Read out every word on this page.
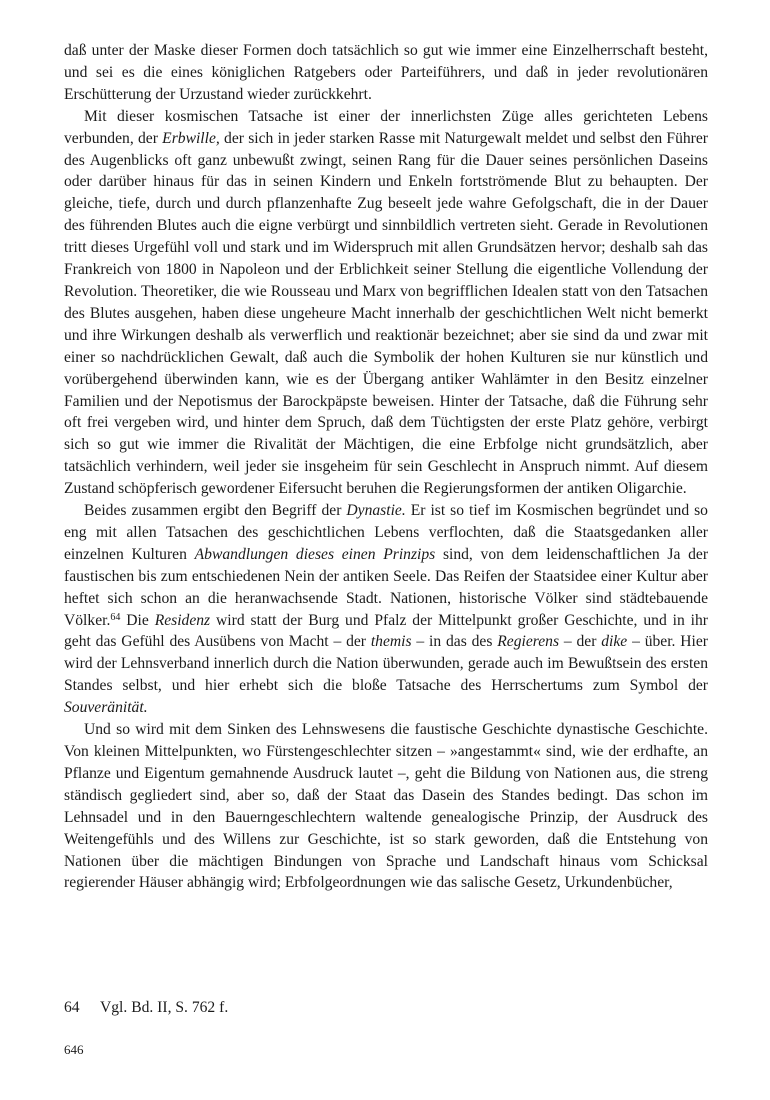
daß unter der Maske dieser Formen doch tatsächlich so gut wie immer eine Einzelherrschaft besteht, und sei es die eines königlichen Ratgebers oder Parteiführers, und daß in jeder revolutionären Erschütterung der Urzustand wieder zurückkehrt.

Mit dieser kosmischen Tatsache ist einer der innerlichsten Züge alles gerichteten Lebens verbunden, der Erbwille, der sich in jeder starken Rasse mit Naturgewalt meldet und selbst den Führer des Augenblicks oft ganz unbewußt zwingt, seinen Rang für die Dauer seines persönlichen Daseins oder darüber hinaus für das in seinen Kindern und Enkeln fortströmende Blut zu behaupten. Der gleiche, tiefe, durch und durch pflanzenhafte Zug beseelt jede wahre Gefolgschaft, die in der Dauer des führenden Blutes auch die eigne verbürgt und sinnbildlich vertreten sieht. Gerade in Revolutionen tritt dieses Urgefühl voll und stark und im Widerspruch mit allen Grundsätzen hervor; deshalb sah das Frankreich von 1800 in Napoleon und der Erblichkeit seiner Stellung die eigentliche Vollendung der Revolution. Theoretiker, die wie Rousseau und Marx von begrifflichen Idealen statt von den Tatsachen des Blutes ausgehen, haben diese ungeheure Macht innerhalb der geschichtlichen Welt nicht bemerkt und ihre Wirkungen deshalb als verwerflich und reaktionär bezeichnet; aber sie sind da und zwar mit einer so nachdrücklichen Gewalt, daß auch die Symbolik der hohen Kulturen sie nur künstlich und vorübergehend überwinden kann, wie es der Übergang antiker Wahlämter in den Besitz einzelner Familien und der Nepotismus der Barockpäpste beweisen. Hinter der Tatsache, daß die Führung sehr oft frei vergeben wird, und hinter dem Spruch, daß dem Tüchtigsten der erste Platz gehöre, verbirgt sich so gut wie immer die Rivalität der Mächtigen, die eine Erbfolge nicht grundsätzlich, aber tatsächlich verhindern, weil jeder sie insgeheim für sein Geschlecht in Anspruch nimmt. Auf diesem Zustand schöpferisch gewordener Eifersucht beruhen die Regierungsformen der antiken Oligarchie.

Beides zusammen ergibt den Begriff der Dynastie. Er ist so tief im Kosmischen begründet und so eng mit allen Tatsachen des geschichtlichen Lebens verflochten, daß die Staatsgedanken aller einzelnen Kulturen Abwandlungen dieses einen Prinzips sind, von dem leidenschaftlichen Ja der faustischen bis zum entschiedenen Nein der antiken Seele. Das Reifen der Staatsidee einer Kultur aber heftet sich schon an die heranwachsende Stadt. Nationen, historische Völker sind städtebauende Völker.$^{64}$ Die Residenz wird statt der Burg und Pfalz der Mittelpunkt großer Geschichte, und in ihr geht das Gefühl des Ausübens von Macht – der themis – in das des Regierens – der dike – über. Hier wird der Lehnsverband innerlich durch die Nation überwunden, gerade auch im Bewußtsein des ersten Standes selbst, und hier erhebt sich die bloße Tatsache des Herrschertums zum Symbol der Souveränität.

Und so wird mit dem Sinken des Lehnswesens die faustische Geschichte dynastische Geschichte. Von kleinen Mittelpunkten, wo Fürstengeschlechter sitzen – »angestammt« sind, wie der erdhafte, an Pflanze und Eigentum gemahnende Ausdruck lautet –, geht die Bildung von Nationen aus, die streng ständisch gegliedert sind, aber so, daß der Staat das Dasein des Standes bedingt. Das schon im Lehnsadel und in den Bauerngeschlechtern waltende genealogische Prinzip, der Ausdruck des Weitengefühls und des Willens zur Geschichte, ist so stark geworden, daß die Entstehung von Nationen über die mächtigen Bindungen von Sprache und Landschaft hinaus vom Schicksal regierender Häuser abhängig wird; Erbfolgeordnungen wie das salische Gesetz, Urkundenbücher,

64 Vgl. Bd. II, S. 762 f.
646
